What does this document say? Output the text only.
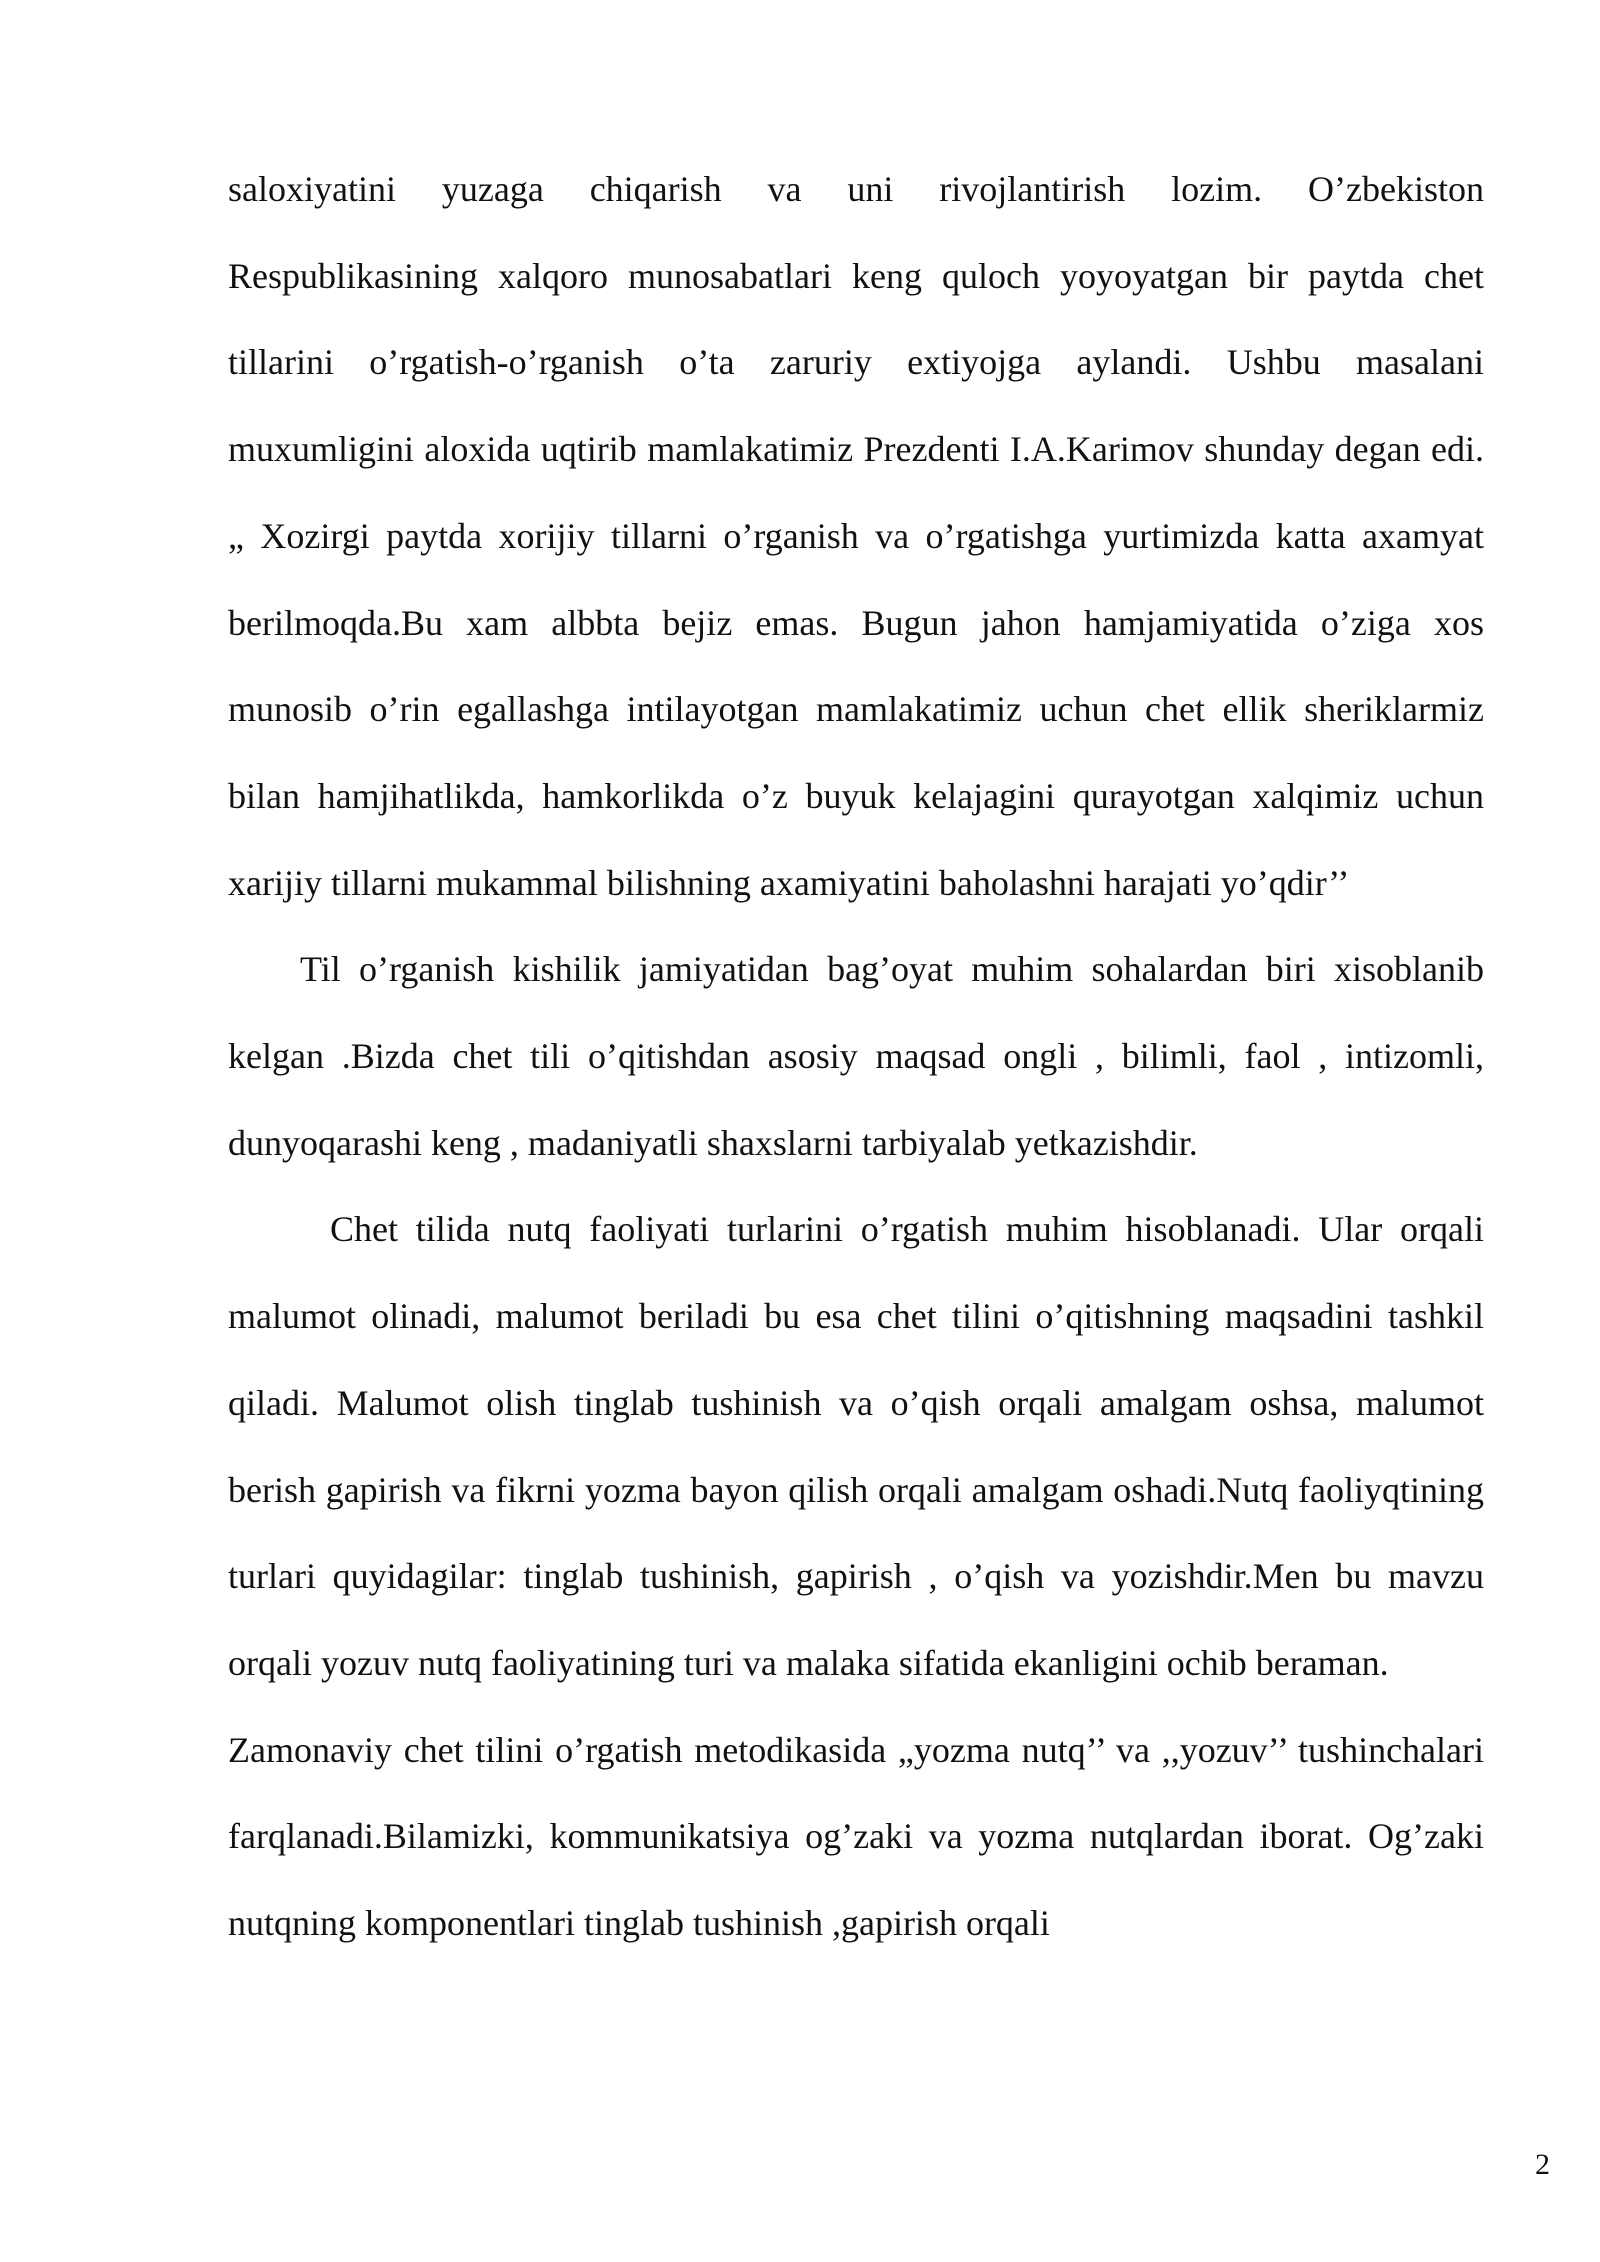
saloxiyatini yuzaga chiqarish va uni rivojlantirish lozim. O’zbekiston Respublikasining xalqoro munosabatlari keng quloch yoyoyatgan bir paytda chet tillarini o’rgatish-o’rganish o’ta zaruriy extiyojga aylandi. Ushbu masalani muxumligini aloxida uqtirib mamlakatimiz Prezdenti I.A.Karimov shunday degan edi. „ Xozirgi paytda xorijiy tillarni o’rganish va o’rgatishga yurtimizda katta axamyat berilmoqda.Bu xam albbta bejiz emas. Bugun jahon hamjamiyatida o’ziga xos munosib o’rin egallashga intilayotgan mamlakatimiz uchun chet ellik sheriklarmiz bilan hamjihatlikda, hamkorlikda o’z buyuk kelajagini qurayotgan xalqimiz uchun xarijiy tillarni mukammal bilishning axamiyatini baholashni harajati yo’qdir’’

Til o’rganish kishilik jamiyatidan bag’oyat muhim sohalardan biri xisoblanib kelgan .Bizda chet tili o’qitishdan asosiy maqsad ongli , bilimli, faol , intizomli, dunyoqarashi keng , madaniyatli shaxslarni tarbiyalab yetkazishdir.

Chet tilida nutq faoliyati turlarini o’rgatish muhim hisoblanadi. Ular orqali malumot olinadi, malumot beriladi bu esa chet tilini o’qitishning maqsadini tashkil qiladi. Malumot olish tinglab tushinish va o’qish orqali amalgam oshsa, malumot berish gapirish va fikrni yozma bayon qilish orqali amalgam oshadi.Nutq faoliyqtining turlari quyidagilar: tinglab tushinish, gapirish , o’qish va yozishdir.Men bu mavzu orqali yozuv nutq faoliyatining turi va malaka sifatida ekanligini ochib beraman.

Zamonaviy chet tilini o’rgatish metodikasida „yozma nutq’’ va ,,yozuv’’ tushinchalari farqlanadi.Bilamizki, kommunikatsiya og’zaki va yozma nutqlardan iborat. Og’zaki nutqning komponentlari tinglab tushinish ,gapirish orqali

2
